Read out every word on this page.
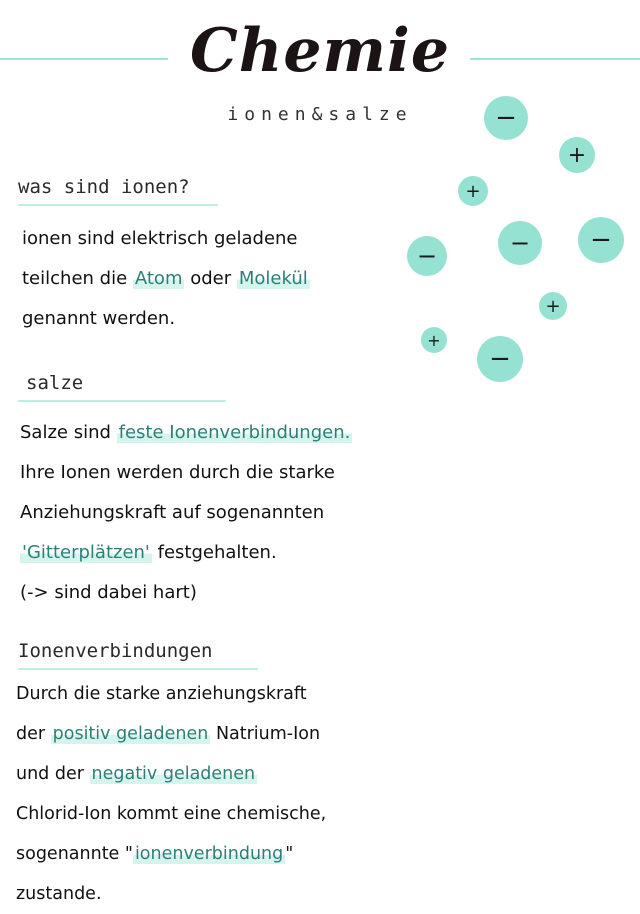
Chemie
ionen&salze
was sind ionen?
ionen sind elektrisch geladene
teilchen die Atom oder Molekül
genannt werden.
salze
Salze sind feste Ionenverbindungen.
Ihre Ionen werden durch die starke
Anziehungskraft auf sogenannten
'Gitterplätzen' festgehalten.
(-> sind dabei hart)
Ionenverbindungen
Durch die starke anziehungskraft
der positiv geladenen Natrium-Ion
und der negativ geladenen
Chlorid-Ion kommt eine chemische,
sogenannte " ionenverbindung "
zustande.
−
+
+
−	−	−
+
+
−
